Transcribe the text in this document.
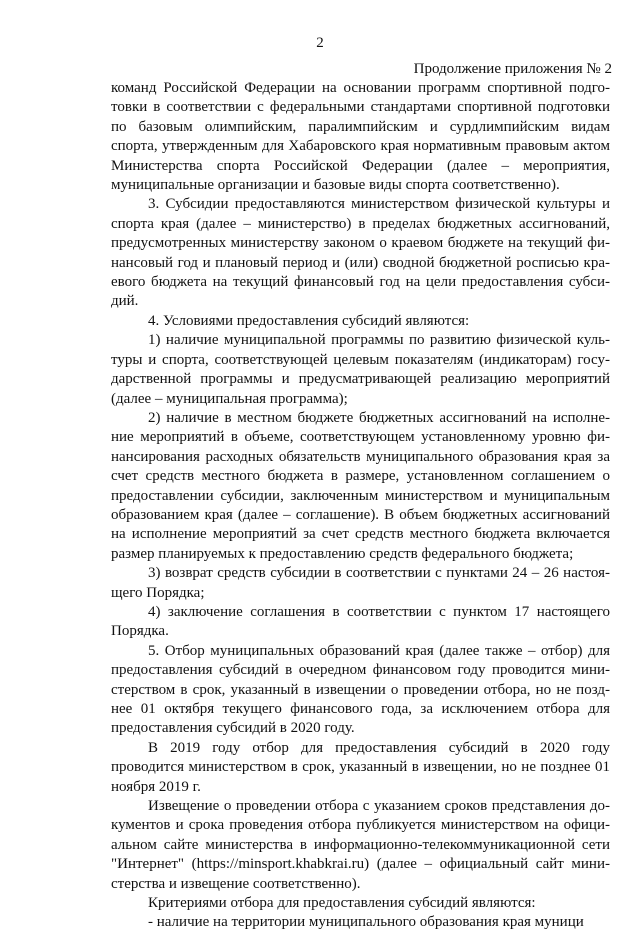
2
Продолжение приложения № 2

команд Российской Федерации на основании программ спортивной подготовки в соответствии с федеральными стандартами спортивной подготовки по базовым олимпийским, паралимпийским и сурдлимпийским видам спорта, утвержденным для Хабаровского края нормативным правовым актом Министерства спорта Российской Федерации (далее – мероприятия, муниципальные организации и базовые виды спорта соответственно).

3. Субсидии предоставляются министерством физической культуры и спорта края (далее – министерство) в пределах бюджетных ассигнований, предусмотренных министерству законом о краевом бюджете на текущий финансовый год и плановый период и (или) сводной бюджетной росписью краевого бюджета на текущий финансовый год на цели предоставления субсидий.

4. Условиями предоставления субсидий являются:

1) наличие муниципальной программы по развитию физической культуры и спорта, соответствующей целевым показателям (индикаторам) государственной программы и предусматривающей реализацию мероприятий (далее – муниципальная программа);

2) наличие в местном бюджете бюджетных ассигнований на исполнение мероприятий в объеме, соответствующем установленному уровню финансирования расходных обязательств муниципального образования края за счет средств местного бюджета в размере, установленном соглашением о предоставлении субсидии, заключенным министерством и муниципальным образованием края (далее – соглашение). В объем бюджетных ассигнований на исполнение мероприятий за счет средств местного бюджета включается размер планируемых к предоставлению средств федерального бюджета;

3) возврат средств субсидии в соответствии с пунктами 24 – 26 настоящего Порядка;

4) заключение соглашения в соответствии с пунктом 17 настоящего Порядка.

5. Отбор муниципальных образований края (далее также – отбор) для предоставления субсидий в очередном финансовом году проводится министерством в срок, указанный в извещении о проведении отбора, но не позднее 01 октября текущего финансового года, за исключением отбора для предоставления субсидий в 2020 году.

В 2019 году отбор для предоставления субсидий в 2020 году проводится министерством в срок, указанный в извещении, но не позднее 01 ноября 2019 г.

Извещение о проведении отбора с указанием сроков представления документов и срока проведения отбора публикуется министерством на официальном сайте министерства в информационно-телекоммуникационной сети "Интернет" (https://minsport.khabkrai.ru) (далее – официальный сайт министерства и извещение соответственно).

Критериями отбора для предоставления субсидий являются:

- наличие на территории муниципального образования края муници
